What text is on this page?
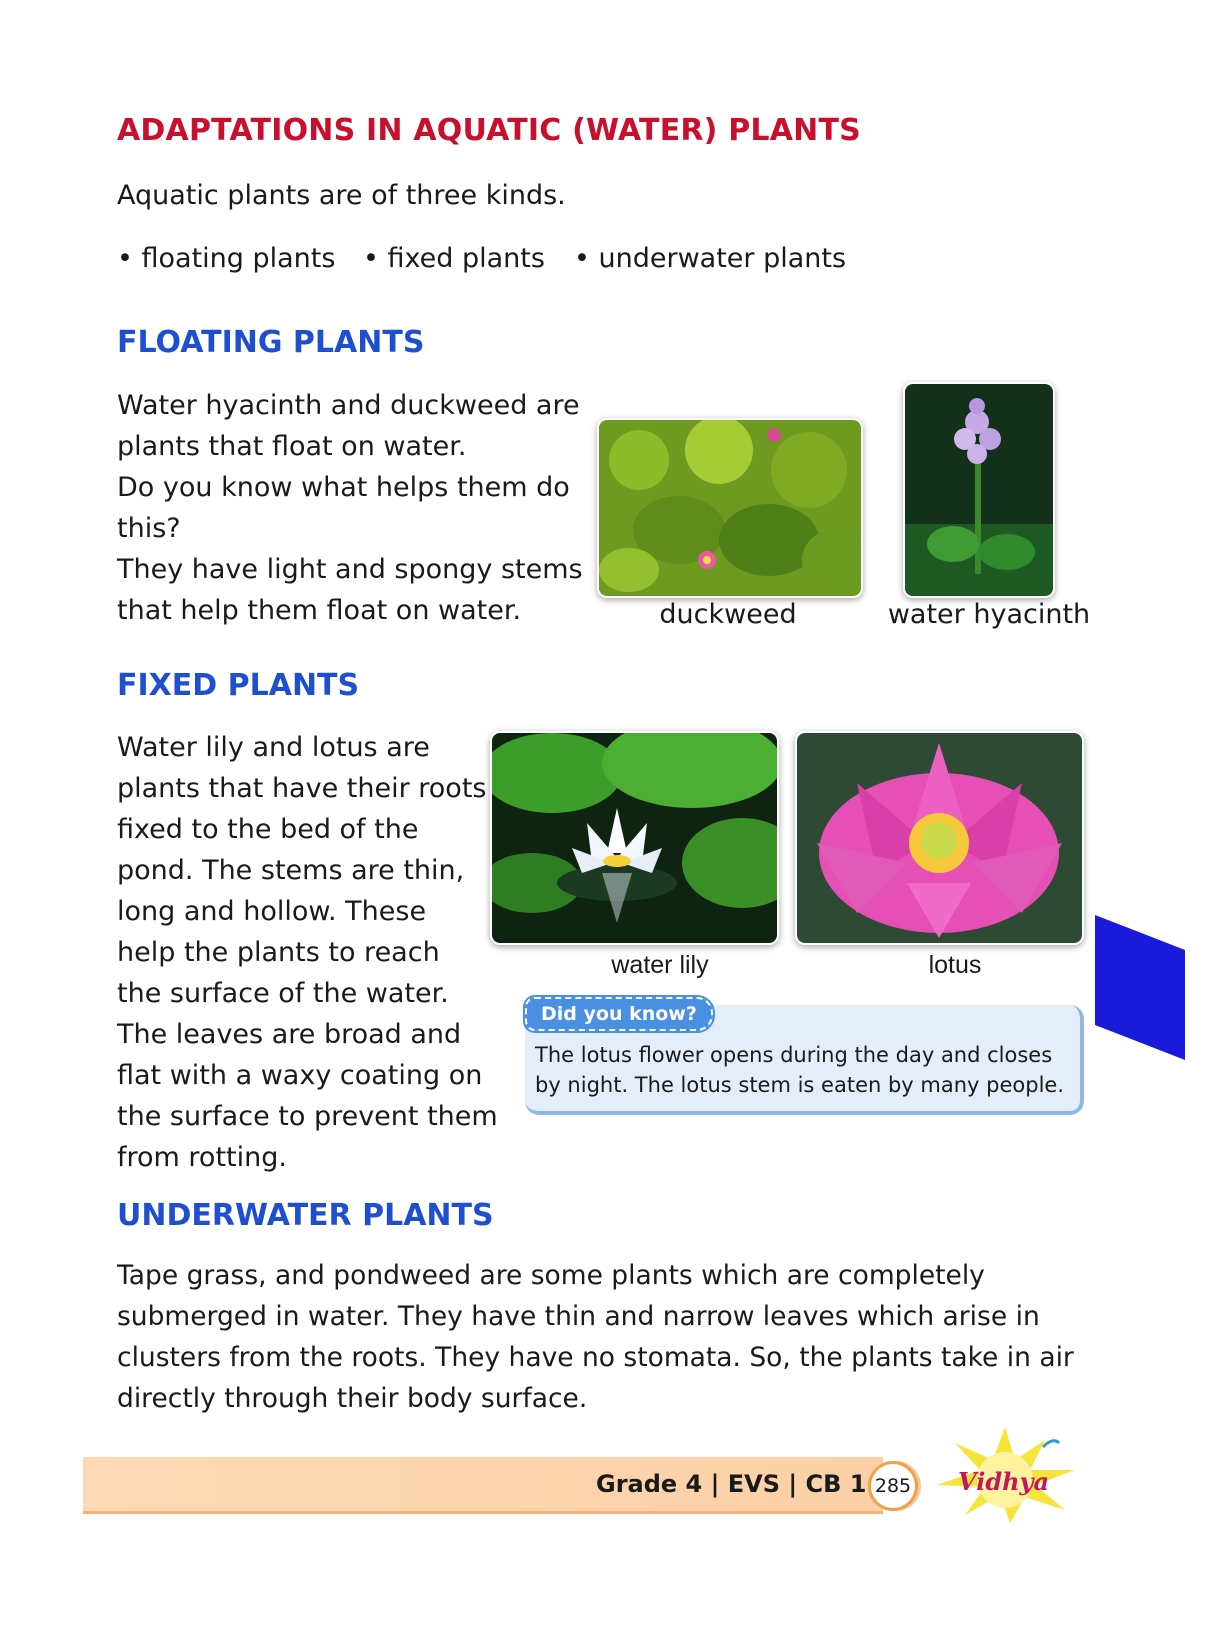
ADAPTATIONS IN AQUATIC (WATER) PLANTS
Aquatic plants are of three kinds.
• floating plants	• fixed plants	• underwater plants
FLOATING PLANTS

Water hyacinth and duckweed are

plants that float on water.

Do you know what helps them do

this?

They have light and spongy stems

that help them float on water.	duckweed	water hyacinth
FIXED PLANTS

Water lily and lotus are

plants that have their roots

fixed to the bed of the

pond. The stems are thin,

long and hollow. These

help the plants to reach

the surface of the water.

The leaves are broad and

flat with a waxy coating on

the surface to prevent them

from rotting.

water lily	lotus
Did you know?
The lotus flower opens during the day and closes
by night. The lotus stem is eaten by many people.
UNDERWATER PLANTS

Tape grass, and pondweed are some plants which are completely

submerged in water. They have thin and narrow leaves which arise in

clusters from the roots. They have no stomata. So, the plants take in air

directly through their body surface.

Grade 4 | EVS | CB 1 285 Vidhya
